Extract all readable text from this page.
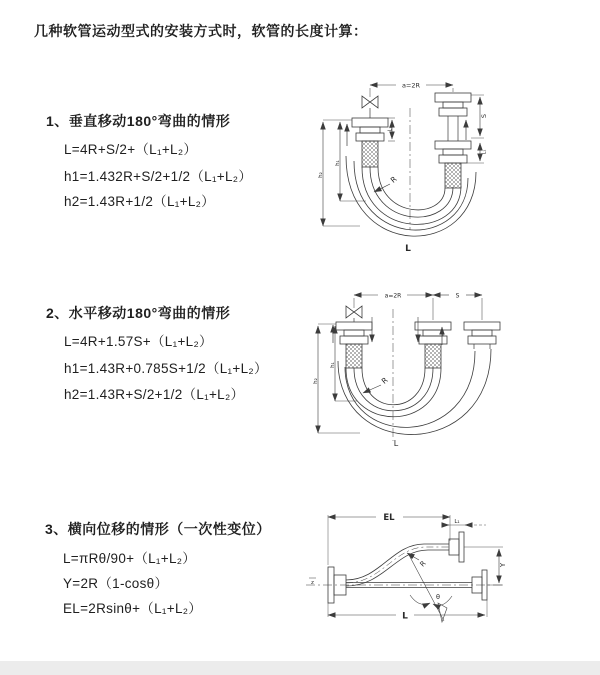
几种软管运动型式的安装方式时，软管的长度计算：
1、垂直移动180°弯曲的情形
L=4R+S/2+（L₁+L₂）
h1=1.432R+S/2+1/2（L₁+L₂）
h2=1.43R+1/2（L₁+L₂）
2、水平移动180°弯曲的情形
L=4R+1.57S+（L₁+L₂）
h1=1.43R+0.785S+1/2（L₁+L₂）
h2=1.43R+S/2+1/2（L₁+L₂）
3、横向位移的情形（一次性变位）
L=πRθ/90+（L₁+L₂）
Y=2R（1-cosθ）
EL=2Rsinθ+（L₁+L₂）
a=2R
h₁
h₂
L₁
S
L₁
R
L
a=2R	S
h₁
h₂	R
L
z
EL	L₁
Y
L
R
θ
